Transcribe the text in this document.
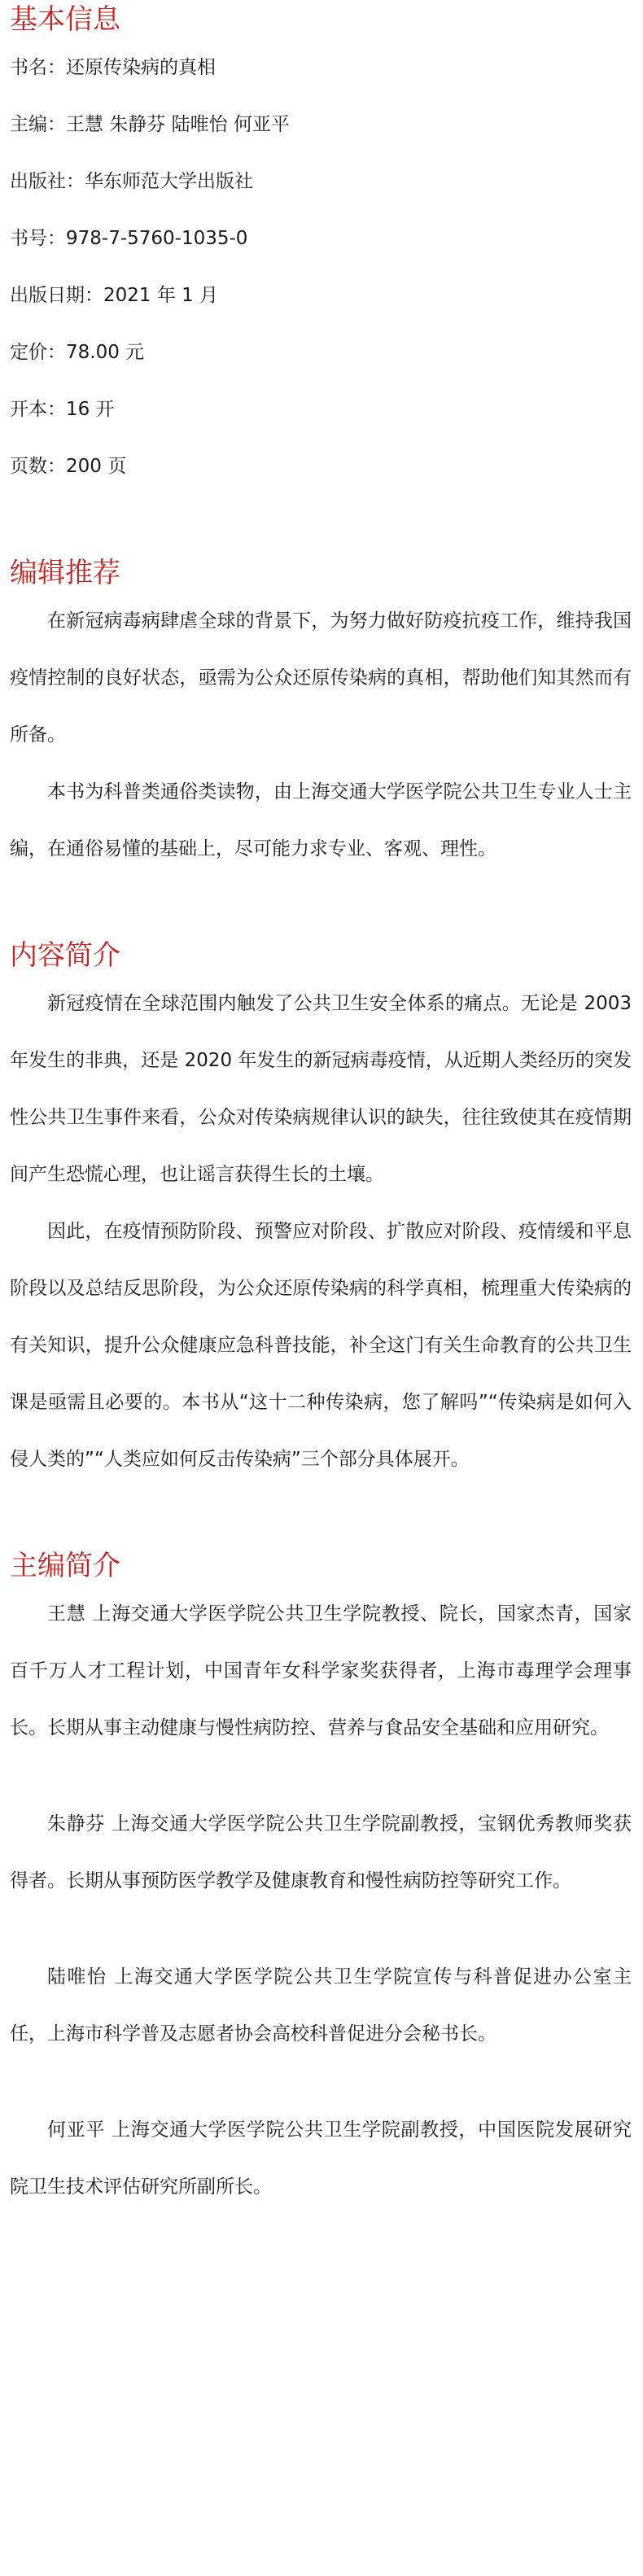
基本信息

书名：还原传染病的真相

主编：王慧 朱静芬 陆唯怡 何亚平

出版社：华东师范大学出版社

书号：978-7-5760-1035-0

出版日期：2021 年 1 月

定价：78.00 元

开本：16 开

页数：200 页

编辑推荐

在新冠病毒病肆虐全球的背景下，为努力做好防疫抗疫工作，维持我国疫情控制的良好状态，亟需为公众还原传染病的真相，帮助他们知其然而有所备。

本书为科普类通俗类读物，由上海交通大学医学院公共卫生专业人士主编，在通俗易懂的基础上，尽可能力求专业、客观、理性。

内容简介

新冠疫情在全球范围内触发了公共卫生安全体系的痛点。无论是 2003 年发生的非典，还是 2020 年发生的新冠病毒疫情，从近期人类经历的突发性公共卫生事件来看，公众对传染病规律认识的缺失，往往致使其在疫情期间产生恐慌心理，也让谣言获得生长的土壤。

因此，在疫情预防阶段、预警应对阶段、扩散应对阶段、疫情缓和平息阶段以及总结反思阶段，为公众还原传染病的科学真相，梳理重大传染病的有关知识，提升公众健康应急科普技能，补全这门有关生命教育的公共卫生课是亟需且必要的。本书从“这十二种传染病，您了解吗”“传染病是如何入侵人类的”“人类应如何反击传染病”三个部分具体展开。

主编简介

王慧 上海交通大学医学院公共卫生学院教授、院长，国家杰青，国家百千万人才工程计划，中国青年女科学家奖获得者，上海市毒理学会理事长。长期从事主动健康与慢性病防控、营养与食品安全基础和应用研究。

朱静芬 上海交通大学医学院公共卫生学院副教授，宝钢优秀教师奖获得者。长期从事预防医学教学及健康教育和慢性病防控等研究工作。

陆唯怡 上海交通大学医学院公共卫生学院宣传与科普促进办公室主任，上海市科学普及志愿者协会高校科普促进分会秘书长。

何亚平 上海交通大学医学院公共卫生学院副教授，中国医院发展研究院卫生技术评估研究所副所长。
